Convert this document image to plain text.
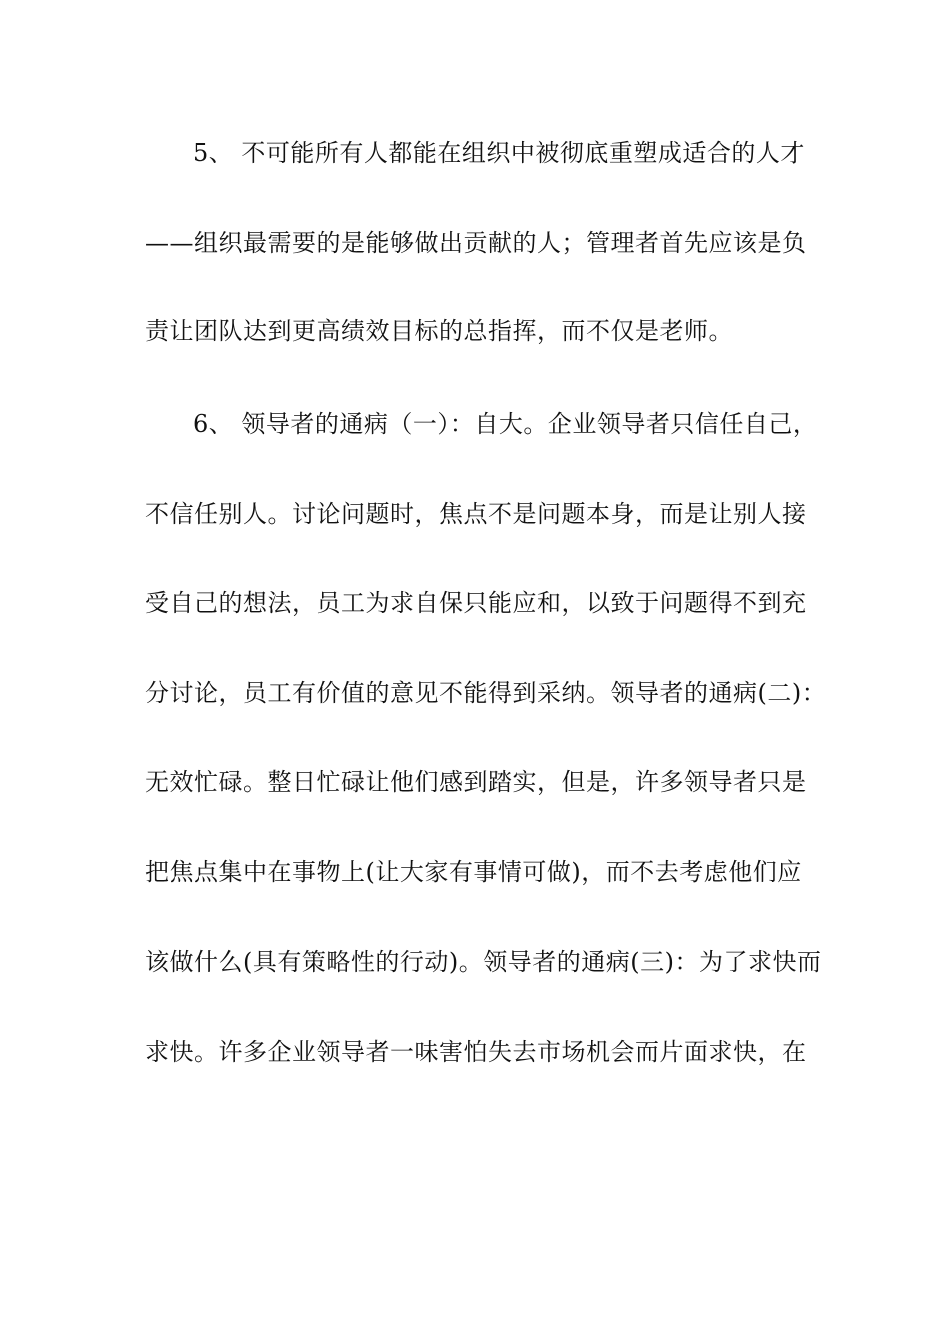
5、 不可能所有人都能在组织中被彻底重塑成适合的人才
——组织最需要的是能够做出贡献的人；管理者首先应该是负
责让团队达到更高绩效目标的总指挥，而不仅是老师。
6、 领导者的通病（一）：自大。企业领导者只信任自己，
不信任别人。讨论问题时，焦点不是问题本身，而是让别人接
受自己的想法，员工为求自保只能应和，以致于问题得不到充
分讨论，员工有价值的意见不能得到采纳。领导者的通病(二)：
无效忙碌。整日忙碌让他们感到踏实，但是，许多领导者只是
把焦点集中在事物上(让大家有事情可做)，而不去考虑他们应
该做什么(具有策略性的行动)。领导者的通病(三)：为了求快而
求快。许多企业领导者一味害怕失去市场机会而片面求快，在
